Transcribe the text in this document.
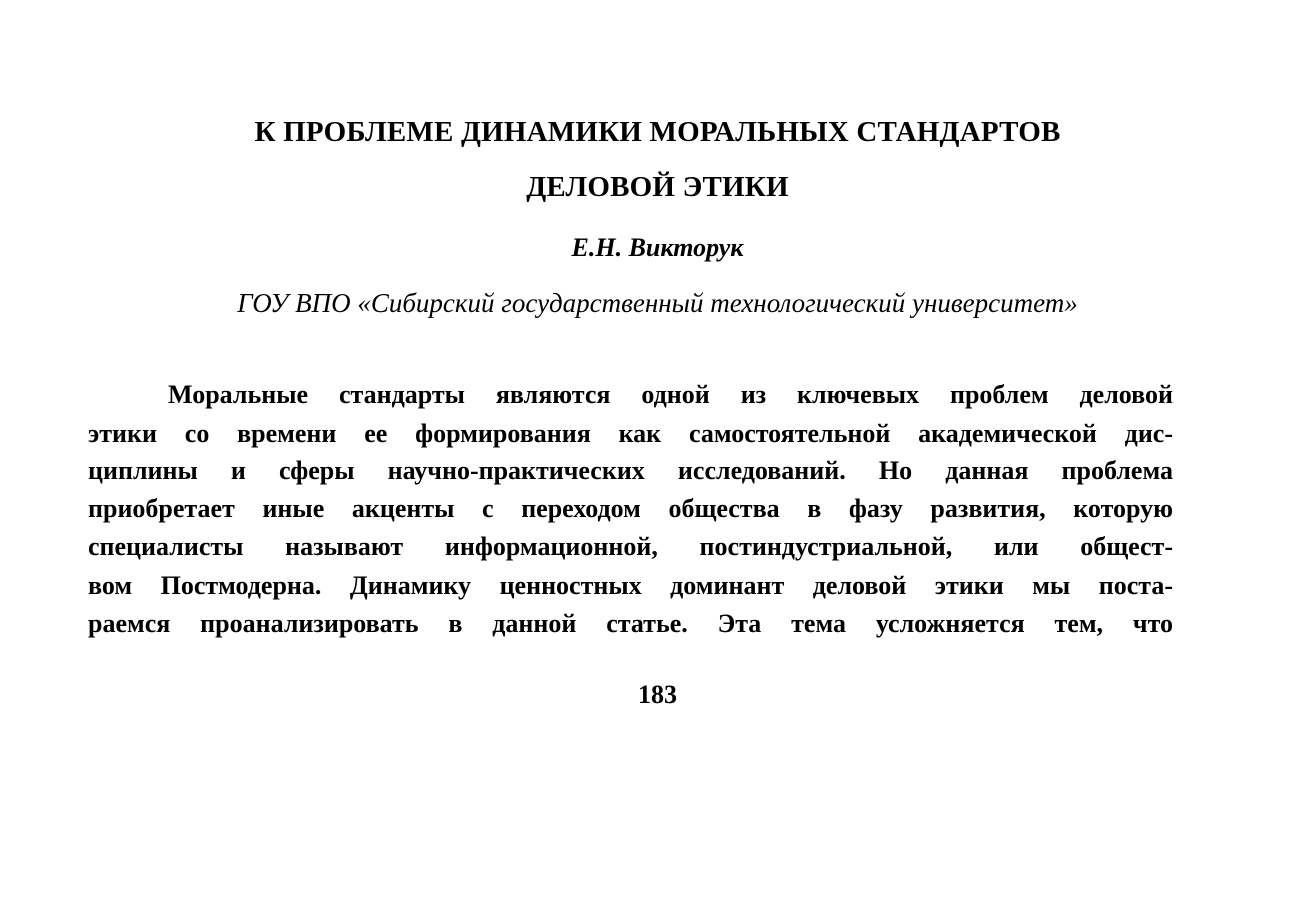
К ПРОБЛЕМЕ ДИНАМИКИ МОРАЛЬНЫХ СТАНДАРТОВ
ДЕЛОВОЙ ЭТИКИ
Е.Н. Викторук
ГОУ ВПО «Сибирский государственный технологический университет»
Моральные стандарты являются одной из ключевых проблем деловой
этики со времени ее формирования как самостоятельной академической дис-
циплины и сферы научно-практических исследований. Но данная проблема
приобретает иные акценты с переходом общества в фазу развития, которую
специалисты называют информационной, постиндустриальной, или общест-
вом Постмодерна. Динамику ценностных доминант деловой этики мы поста-
раемся проанализировать в данной статье. Эта тема усложняется тем, что
183
